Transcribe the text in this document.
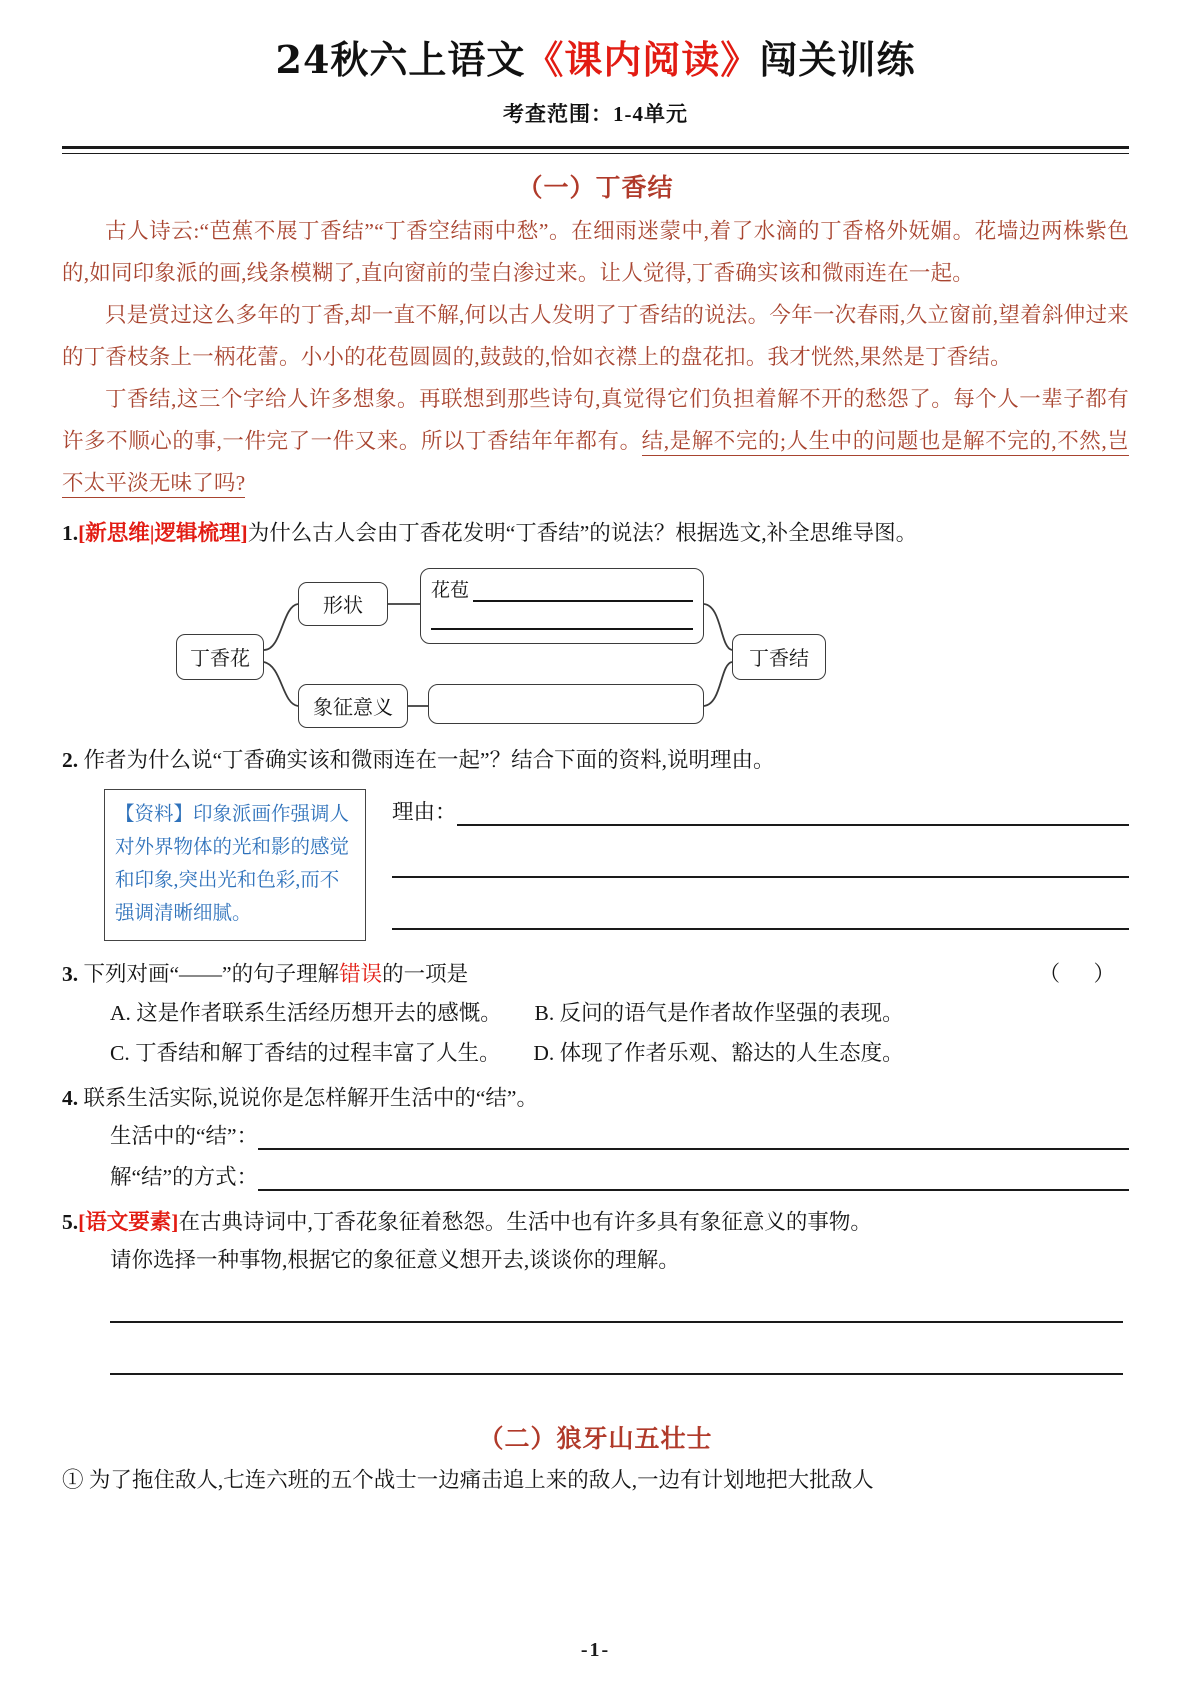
24秋六上语文《课内阅读》闯关训练
考查范围：1-4单元
（一）丁香结

古人诗云:“芭蕉不展丁香结”“丁香空结雨中愁”。在细雨迷蒙中,着了水滴的丁香格外妩媚。花墙边两株紫色的,如同印象派的画,线条模糊了,直向窗前的莹白渗过来。让人觉得,丁香确实该和微雨连在一起。

只是赏过这么多年的丁香,却一直不解,何以古人发明了丁香结的说法。今年一次春雨,久立窗前,望着斜伸过来的丁香枝条上一柄花蕾。小小的花苞圆圆的,鼓鼓的,恰如衣襟上的盘花扣。我才恍然,果然是丁香结。

丁香结,这三个字给人许多想象。再联想到那些诗句,真觉得它们负担着解不开的愁怨了。每个人一辈子都有许多不顺心的事,一件完了一件又来。所以丁香结年年都有。结,是解不完的;人生中的问题也是解不完的,不然,岂不太平淡无味了吗?

1.[新思维|逻辑梳理]为什么古人会由丁香花发明“丁香结”的说法？根据选文,补全思维导图。
丁香花
形状
象征意义
花苞
丁香结
2. 作者为什么说“丁香确实该和微雨连在一起”？结合下面的资料,说明理由。
【资料】印象派画作强调人对外界物体的光和影的感觉和印象,突出光和色彩,而不强调清晰细腻。
理由：
（ ）
3. 下列对画“——”的句子理解错误的一项是
A. 这是作者联系生活经历想开去的感慨。 B. 反问的语气是作者故作坚强的表现。
C. 丁香结和解丁香结的过程丰富了人生。 D. 体现了作者乐观、豁达的人生态度。
4. 联系生活实际,说说你是怎样解开生活中的“结”。
生活中的“结”：
解“结”的方式：
5.[语文要素]在古典诗词中,丁香花象征着愁怨。生活中也有许多具有象征意义的事物。
请你选择一种事物,根据它的象征意义想开去,谈谈你的理解。
（二）狼牙山五壮士
① 为了拖住敌人,七连六班的五个战士一边痛击追上来的敌人,一边有计划地把大批敌人
-1-
